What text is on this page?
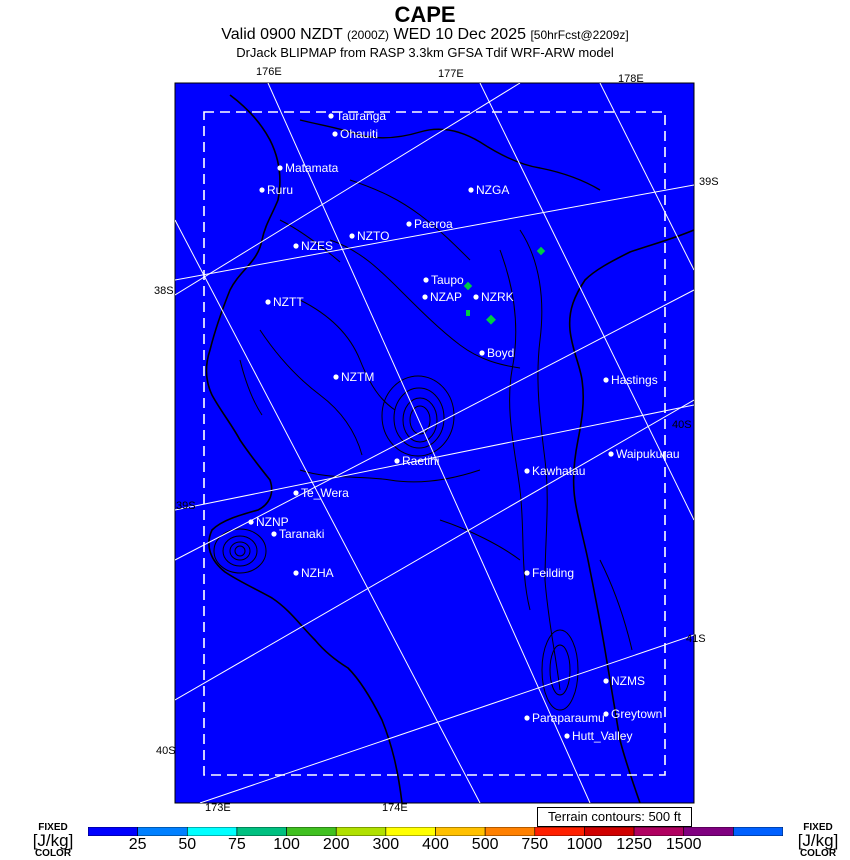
CAPE
Valid 0900 NZDT (2000Z) WED 10 Dec 2025 [50hrFcst@2209z]
DrJack BLIPMAP from RASP 3.3km GFSA Tdif WRF-ARW model
Tauranga
Ohauiti
Matamata
Ruru	NZGA
Paeroa
NZTO
NZES
Taupo
NZAP NZRK
NZTT
Boyd
NZTM	Hastings
Raetihi	Waipukurau
Kawhatau
Te_Wera
NZNP
Taranaki
NZHA	Feilding
NZMS
Greytown
Paraparaumu
Hutt_Valley
176E	177E	178E
173E	174E
39S
38S
40S
39S
41S
40S
Terrain contours: 500 ft
FIXED
[J/kg]
COLOR
FIXED
[J/kg]
COLOR
25 50 75 100 200 300 400 500 750 1000 1250 1500
